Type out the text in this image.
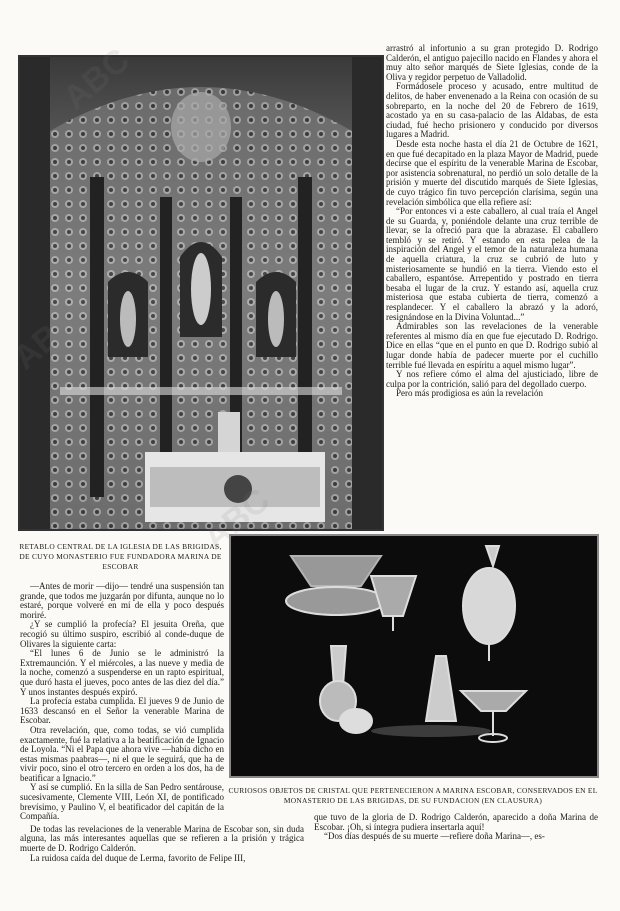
arrastró al infortunio a su gran protegido D. Rodrigo Calderón, el antiguo pajecillo nacido en Flandes y ahora el muy alto señor marqués de Siete Iglesias, conde de la Oliva y regidor perpetuo de Valladolid.

Formádosele proceso y acusado, entre multitud de delitos, de haber envenenado a la Reina con ocasión de su sobreparto, en la noche del 20 de Febrero de 1619, acostado ya en su casa-palacio de las Aldabas, de esta ciudad, fué hecho prisionero y conducido por diversos lugares a Madrid.

Desde esta noche hasta el día 21 de Octubre de 1621, en que fué decapitado en la plaza Mayor de Madrid, puede decirse que el espíritu de la venerable Marina de Escobar, por asistencia sobrenatural, no perdió un solo detalle de la prisión y muerte del discutido marqués de Siete Iglesias, de cuyo trágico fin tuvo percepción clarísima, según una revelación simbólica que ella refiere así:

“Por entonces vi a este caballero, al cual traía el Angel de su Guarda, y, poniéndole delante una cruz terrible de llevar, se la ofreció para que la abrazase. El caballero tembló y se retiró. Y estando en esta pelea de la inspiración del Angel y el temor de la naturaleza humana de aquella criatura, la cruz se cubrió de luto y misteriosamente se hundió en la tierra. Viendo esto el caballero, espantóse. Arrepentido y postrado en tierra besaba el lugar de la cruz. Y estando así, aquella cruz misteriosa que estaba cubierta de tierra, comenzó a resplandecer. Y el caballero la abrazó y la adoró, resignándose en la Divina Voluntad...”

Admirables son las revelaciones de la venerable referentes al mismo día en que fue ejecutado D. Rodrigo. Dice en ellas “que en el punto en que D. Rodrigo subió al lugar donde había de padecer muerte por el cuchillo terrible fué llevada en espíritu a aquel mismo lugar”.

Y nos refiere cómo el alma del ajusticiado, libre de culpa por la contrición, salió para del degollado cuerpo.

Pero más prodigiosa es aún la revelación

RETABLO CENTRAL DE LA IGLESIA DE LAS BRIGIDAS, DE CUYO MONASTERIO FUE FUNDADORA MARINA DE ESCOBAR
CURIOSOS OBJETOS DE CRISTAL QUE PERTENECIERON A MARINA ESCOBAR, CONSERVADOS EN EL MONASTERIO DE LAS BRIGIDAS, DE SU FUNDACION (EN CLAUSURA)

—Antes de morir —dijo— tendré una suspensión tan grande, que todos me juzgarán por difunta, aunque no lo estaré, porque volveré en mí de ella y poco después moriré.

¿Y se cumplió la profecía? El jesuita Oreña, que recogió su último suspiro, escribió al conde-duque de Olivares la siguiente carta:

“El lunes 6 de Junio se le administró la Extremaunción. Y el miércoles, a las nueve y media de la noche, comenzó a suspenderse en un rapto espiritual, que duró hasta el jueves, poco antes de las diez del día.” Y unos instantes después expiró.

La profecía estaba cumplida. El jueves 9 de Junio de 1633 descansó en el Señor la venerable Marina de Escobar.

Otra revelación, que, como todas, se vió cumplida exactamente, fué la relativa a la beatificación de Ignacio de Loyola. “Ni el Papa que ahora vive —había dicho en estas mismas paabras—, ni el que le seguirá, que ha de vivir poco, sino el otro tercero en orden a los dos, ha de beatificar a Ignacio.”

Y así se cumplió. En la silla de San Pedro sentárouse, sucesivamente, Clemente VIII, León XI, de pontificado brevísimo, y Paulino V, el beatificador del capitán de la Compañía.

De todas las revelaciones de la venerable Marina de Escobar son, sin duda alguna, las más interesantes aquellas que se refieren a la prisión y trágica muerte de D. Rodrigo Calderón.

La ruidosa caída del duque de Lerma, favorito de Felipe III,

que tuvo de la gloria de D. Rodrigo Calderón, aparecido a doña Marina de Escobar. ¡Oh, si íntegra pudiera insertarla aquí!

“Dos días después de su muerte —refiere doña Marina—, es-
